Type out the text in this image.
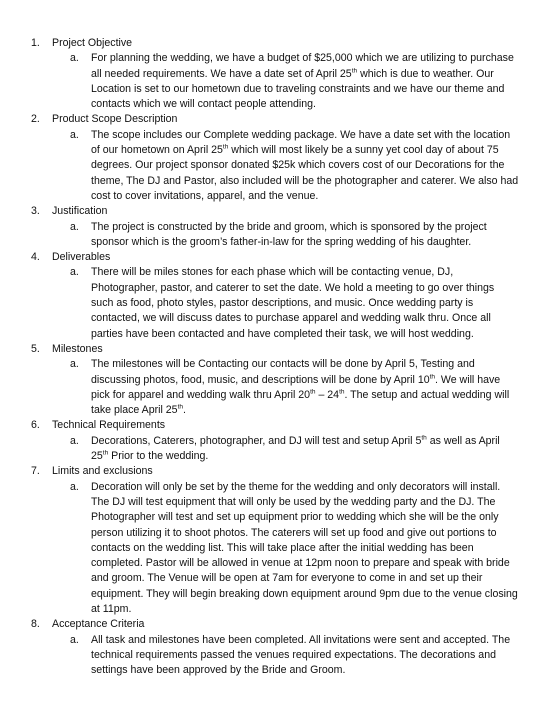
1. Project Objective
a. For planning the wedding, we have a budget of $25,000 which we are utilizing to purchase all needed requirements. We have a date set of April 25th which is due to weather. Our Location is set to our hometown due to traveling constraints and we have our theme and contacts which we will contact people attending.
2. Product Scope Description
a. The scope includes our Complete wedding package. We have a date set with the location of our hometown on April 25th which will most likely be a sunny yet cool day of about 75 degrees. Our project sponsor donated $25k which covers cost of our Decorations for the theme, The DJ and Pastor, also included will be the photographer and caterer. We also had cost to cover invitations, apparel, and the venue.
3. Justification
a. The project is constructed by the bride and groom, which is sponsored by the project sponsor which is the groom’s father-in-law for the spring wedding of his daughter.
4. Deliverables
a. There will be miles stones for each phase which will be contacting venue, DJ, Photographer, pastor, and caterer to set the date. We hold a meeting to go over things such as food, photo styles, pastor descriptions, and music. Once wedding party is contacted, we will discuss dates to purchase apparel and wedding walk thru. Once all parties have been contacted and have completed their task, we will host wedding.
5. Milestones
a. The milestones will be Contacting our contacts will be done by April 5, Testing and discussing photos, food, music, and descriptions will be done by April 10th. We will have pick for apparel and wedding walk thru April 20th – 24th. The setup and actual wedding will take place April 25th.
6. Technical Requirements
a. Decorations, Caterers, photographer, and DJ will test and setup April 5th as well as April 25th Prior to the wedding.
7. Limits and exclusions
a. Decoration will only be set by the theme for the wedding and only decorators will install. The DJ will test equipment that will only be used by the wedding party and the DJ. The Photographer will test and set up equipment prior to wedding which she will be the only person utilizing it to shoot photos. The caterers will set up food and give out portions to contacts on the wedding list. This will take place after the initial wedding has been completed. Pastor will be allowed in venue at 12pm noon to prepare and speak with bride and groom. The Venue will be open at 7am for everyone to come in and set up their equipment. They will begin breaking down equipment around 9pm due to the venue closing at 11pm.
8. Acceptance Criteria
a. All task and milestones have been completed. All invitations were sent and accepted. The technical requirements passed the venues required expectations. The decorations and settings have been approved by the Bride and Groom.
